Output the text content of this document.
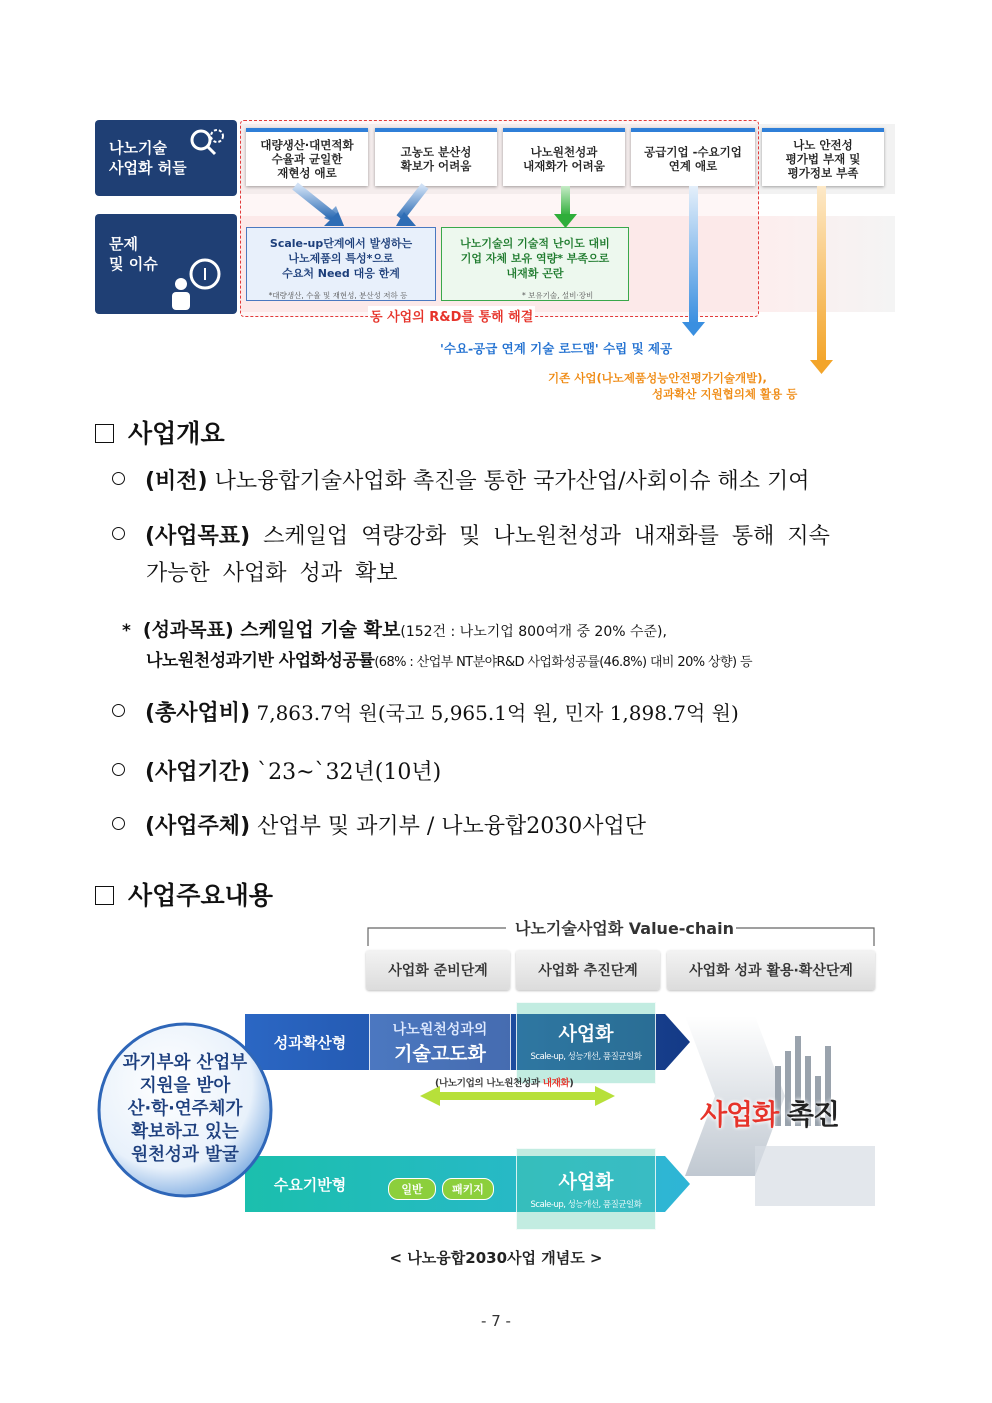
나노기술
사업화 허들
문제
및 이슈
대량생산·대면적화
수율과 균일한
재현성 애로
고농도 분산성
확보가 어려움
나노원천성과
내재화가 어려움
공급기업 -수요기업
연계 애로
나노 안전성
평가법 부재 및
평가정보 부족
Scale-up단계에서 발생하는
나노제품의 특성*으로
수요처 Need 대응 한계
*대량생산, 수율 및 재현성, 분산성 저하 등
나노기술의 기술적 난이도 대비
기업 자체 보유 역량* 부족으로
내재화 곤란
* 보유기술, 설비·장비
동 사업의 R&D를 통해 해결
'수요-공급 연계 기술 로드맵' 수립 및 제공
기존 사업(나노제품성능안전평가기술개발),
성과확산 지원협의체 활용 등
사업개요
(비전) 나노융합기술사업화 촉진을 통한 국가산업/사회이슈 해소 기여
(사업목표) 스케일업 역량강화 및 나노원천성과 내재화를 통해 지속
가능한 사업화 성과 확보
* (성과목표) 스케일업 기술 확보(152건 : 나노기업 800여개 중 20% 수준),
나노원천성과기반 사업화성공률(68% : 산업부 NT분야R&D 사업화성공률(46.8%) 대비 20% 상향) 등
(총사업비) 7,863.7억 원(국고 5,965.1억 원, 민자 1,898.7억 원)
(사업기간) `23~`32년(10년)
(사업주체) 산업부 및 과기부 / 나노융합2030사업단
사업주요내용
나노기술사업화 Value-chain
사업화 준비단계	사업화 추진단계	사업화 성과 활용·확산단계
과기부와 산업부
지원을 받아
산·학·연주체가
확보하고 있는
원천성과 발굴
성과확산형
수요기반형
나노원천성과의
기술고도화
사업화
Scale-up, 성능개선, 품질균일화
(나노기업의 나노원천성과 내재화)
일반	패키지	사업화
Scale-up, 성능개선, 품질균일화
사업화 촉진
< 나노융합2030사업 개념도 >
- 7 -
